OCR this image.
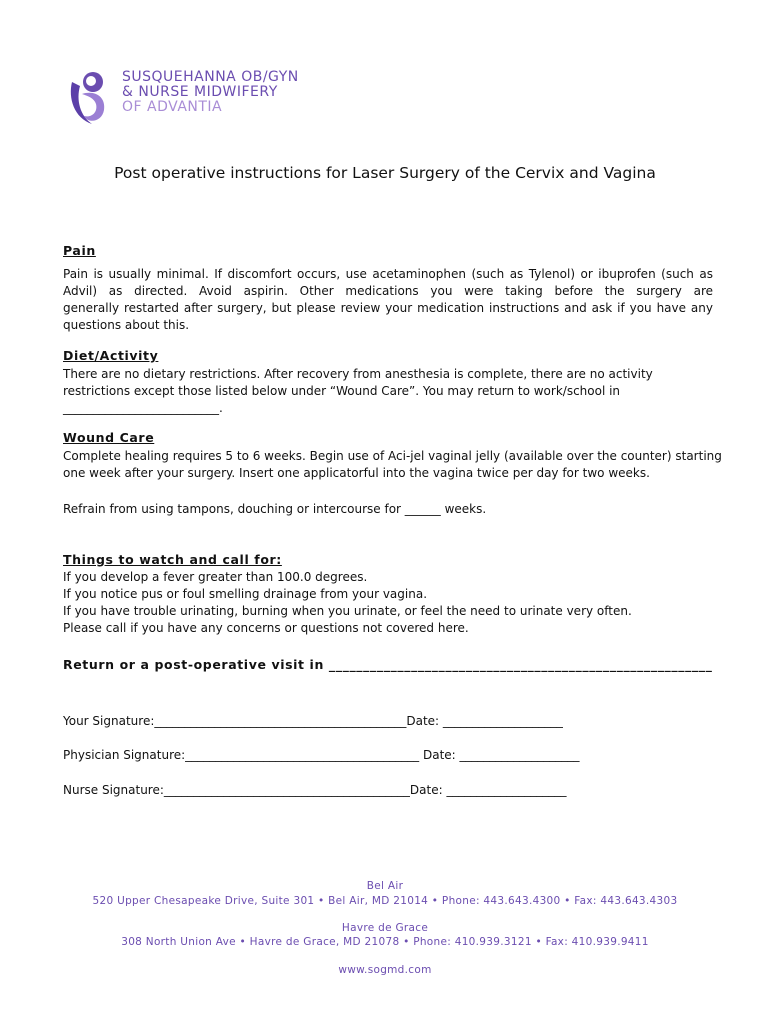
SUSQUEHANNA OB/GYN
& NURSE MIDWIFERY
OF ADVANTIA
Post operative instructions for Laser Surgery of the Cervix and Vagina
Pain
Pain is usually minimal. If discomfort occurs, use acetaminophen (such as Tylenol) or ibuprofen (such as
Advil) as directed. Avoid aspirin. Other medications you were taking before the surgery are
generally restarted after surgery, but please review your medication instructions and ask if you have any
questions about this.
Diet/Activity
There are no dietary restrictions. After recovery from anesthesia is complete, there are no activity
restrictions except those listed below under “Wound Care”. You may return to work/school in
__________________________.
Wound Care
Complete healing requires 5 to 6 weeks. Begin use of Aci-jel vaginal jelly (available over the counter) starting
one week after your surgery. Insert one applicatorful into the vagina twice per day for two weeks.
Refrain from using tampons, douching or intercourse for ______ weeks.
Things to watch and call for:
If you develop a fever greater than 100.0 degrees.
If you notice pus or foul smelling drainage from your vagina.
If you have trouble urinating, burning when you urinate, or feel the need to urinate very often.
Please call if you have any concerns or questions not covered here.
Return or a post-operative visit in ________________________________________________________
Your Signature:__________________________________________Date: ____________________
Physician Signature:_______________________________________ Date: ____________________
Nurse Signature:_________________________________________Date: ____________________
Bel Air
520 Upper Chesapeake Drive, Suite 301 • Bel Air, MD 21014 • Phone: 443.643.4300 • Fax: 443.643.4303
Havre de Grace
308 North Union Ave • Havre de Grace, MD 21078 • Phone: 410.939.3121 • Fax: 410.939.9411
www.sogmd.com
